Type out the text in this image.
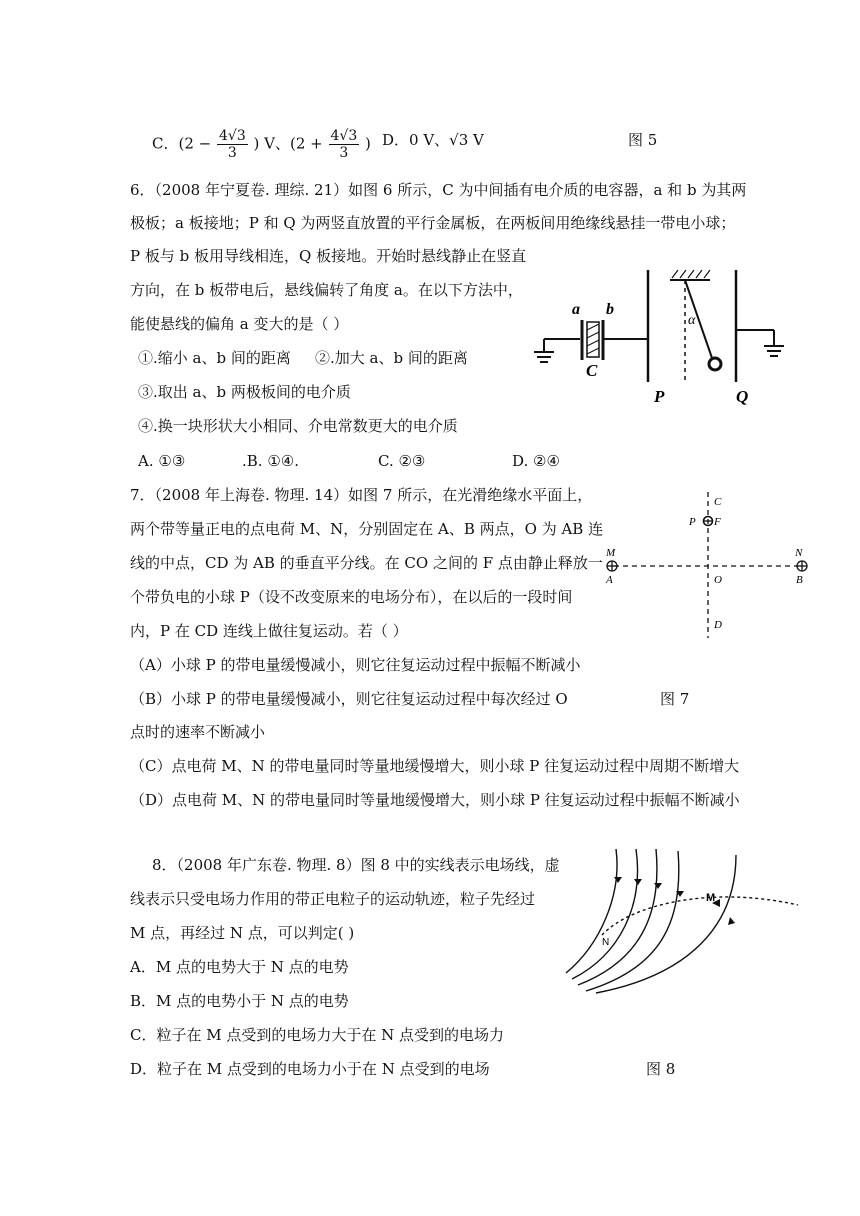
C．($2 - \frac{4√3}{3}$ ) V、($2 + \frac{4√3}{3}$ ) D．0 V、√3 V	图 5
6．（2008 年宁夏卷. 理综. 21）如图 6 所示，C 为中间插有电介质的电容器，a 和 b 为其两
极板；a 板接地；P 和 Q 为两竖直放置的平行金属板，在两板间用绝缘线悬挂一带电小球；
P 板与 b 板用导线相连，Q 板接地。开始时悬线静止在竖直
方向，在 b 板带电后，悬线偏转了角度 a。在以下方法中，
能使悬线的偏角 a 变大的是（ ）
①.缩小 a、b 间的距离 ②.加大 a、b 间的距离
③.取出 a、b 两极板间的电介质
④.换一块形状大小相同、介电常数更大的电介质
A. ①③	.B. ①④.	C. ②③	D. ②④
a b
C
α
P	Q
7．（2008 年上海卷. 物理. 14）如图 7 所示，在光滑绝缘水平面上，
两个带等量正电的点电荷 M、N，分别固定在 A、B 两点，O 为 AB 连
线的中点，CD 为 AB 的垂直平分线。在 CO 之间的 F 点由静止释放一
个带负电的小球 P（设不改变原来的电场分布），在以后的一段时间
内，P 在 CD 连线上做往复运动。若（ ）
（A）小球 P 的带电量缓慢减小，则它往复运动过程中振幅不断减小
（B）小球 P 的带电量缓慢减小，则它往复运动过程中每次经过 O	图 7
点时的速率不断减小
（C）点电荷 M、N 的带电量同时等量地缓慢增大，则小球 P 往复运动过程中周期不断增大
（D）点电荷 M、N 的带电量同时等量地缓慢增大，则小球 P 往复运动过程中振幅不断减小
C
P F
M
A	O
N
B
D
8．（2008 年广东卷. 物理. 8）图 8 中的实线表示电场线，虚
线表示只受电场力作用的带正电粒子的运动轨迹，粒子先经过
M 点，再经过 N 点，可以判定( )
A．M 点的电势大于 N 点的电势
B．M 点的电势小于 N 点的电势
C．粒子在 M 点受到的电场力大于在 N 点受到的电场力
D．粒子在 M 点受到的电场力小于在 N 点受到的电场	图 8
M
N
